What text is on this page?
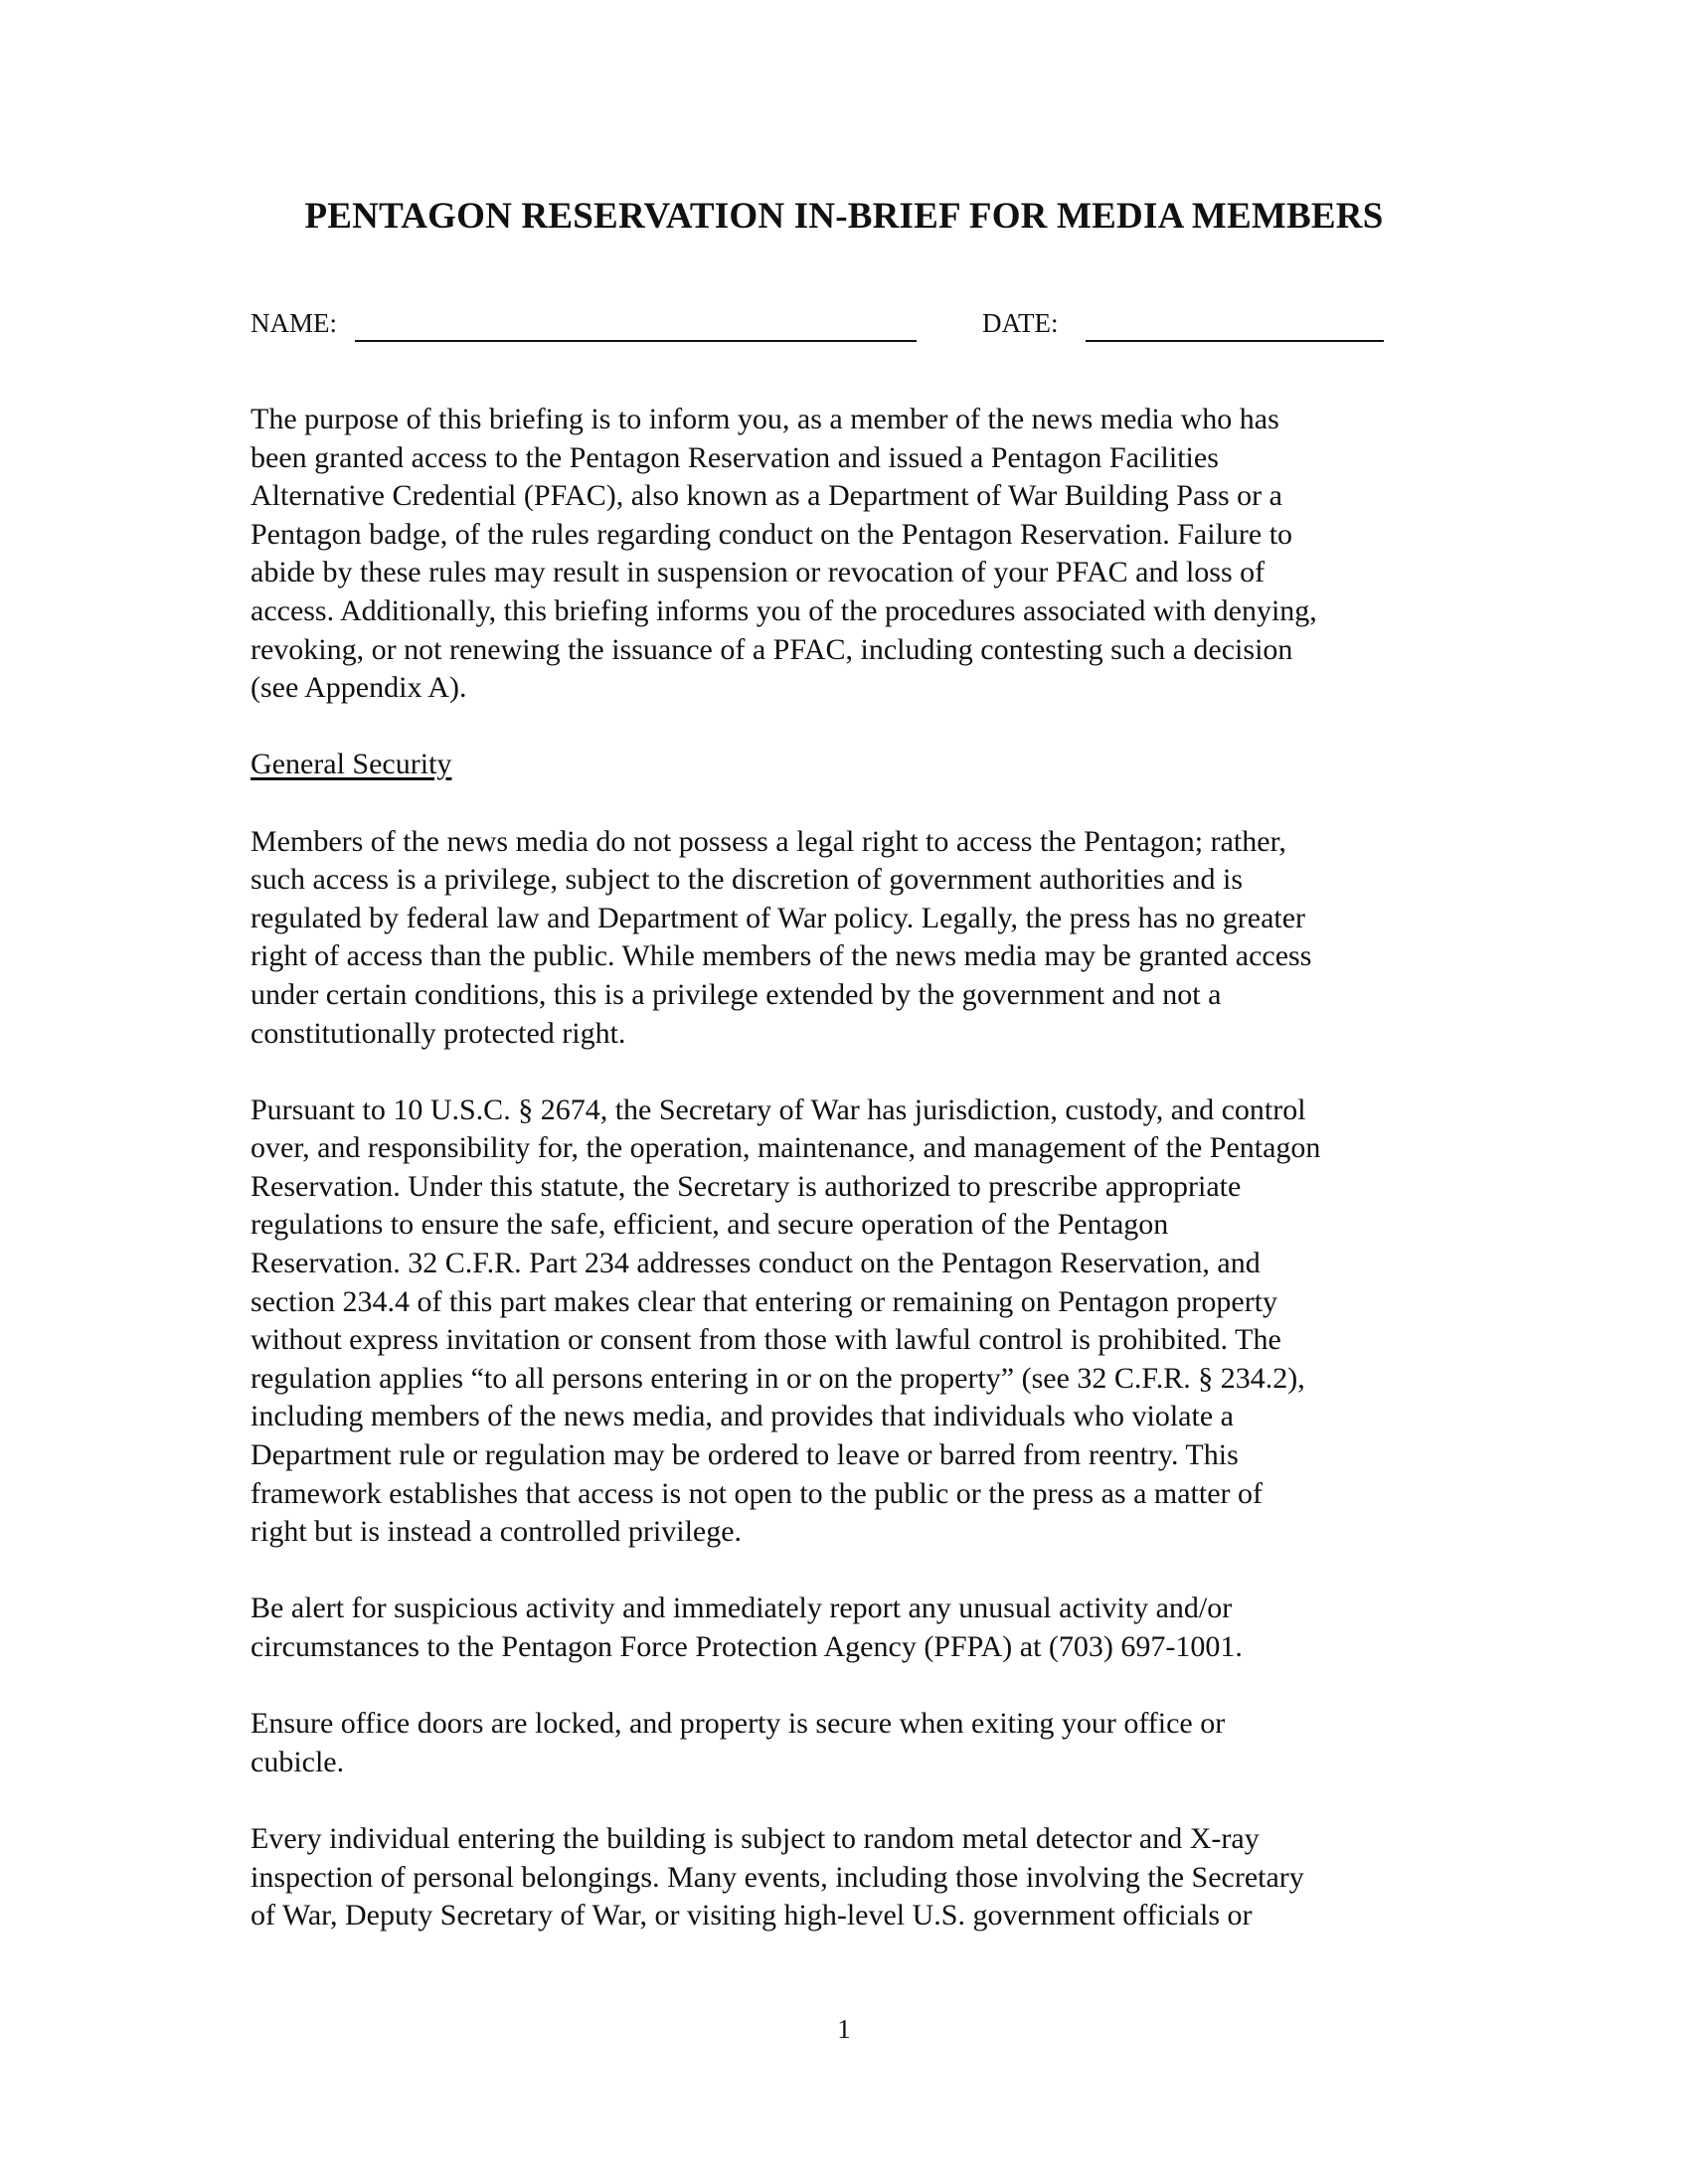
PENTAGON RESERVATION IN-BRIEF FOR MEDIA MEMBERS
NAME:	DATE:

The purpose of this briefing is to inform you, as a member of the news media who has
been granted access to the Pentagon Reservation and issued a Pentagon Facilities
Alternative Credential (PFAC), also known as a Department of War Building Pass or a
Pentagon badge, of the rules regarding conduct on the Pentagon Reservation. Failure to
abide by these rules may result in suspension or revocation of your PFAC and loss of
access. Additionally, this briefing informs you of the procedures associated with denying,
revoking, or not renewing the issuance of a PFAC, including contesting such a decision
(see Appendix A).

General Security

Members of the news media do not possess a legal right to access the Pentagon; rather,
such access is a privilege, subject to the discretion of government authorities and is
regulated by federal law and Department of War policy. Legally, the press has no greater
right of access than the public. While members of the news media may be granted access
under certain conditions, this is a privilege extended by the government and not a
constitutionally protected right.

Pursuant to 10 U.S.C. § 2674, the Secretary of War has jurisdiction, custody, and control
over, and responsibility for, the operation, maintenance, and management of the Pentagon
Reservation. Under this statute, the Secretary is authorized to prescribe appropriate
regulations to ensure the safe, efficient, and secure operation of the Pentagon
Reservation. 32 C.F.R. Part 234 addresses conduct on the Pentagon Reservation, and
section 234.4 of this part makes clear that entering or remaining on Pentagon property
without express invitation or consent from those with lawful control is prohibited. The
regulation applies “to all persons entering in or on the property” (see 32 C.F.R. § 234.2),
including members of the news media, and provides that individuals who violate a
Department rule or regulation may be ordered to leave or barred from reentry. This
framework establishes that access is not open to the public or the press as a matter of
right but is instead a controlled privilege.

Be alert for suspicious activity and immediately report any unusual activity and/or
circumstances to the Pentagon Force Protection Agency (PFPA) at (703) 697-1001.

Ensure office doors are locked, and property is secure when exiting your office or
cubicle.

Every individual entering the building is subject to random metal detector and X-ray
inspection of personal belongings. Many events, including those involving the Secretary
of War, Deputy Secretary of War, or visiting high-level U.S. government officials or

1
